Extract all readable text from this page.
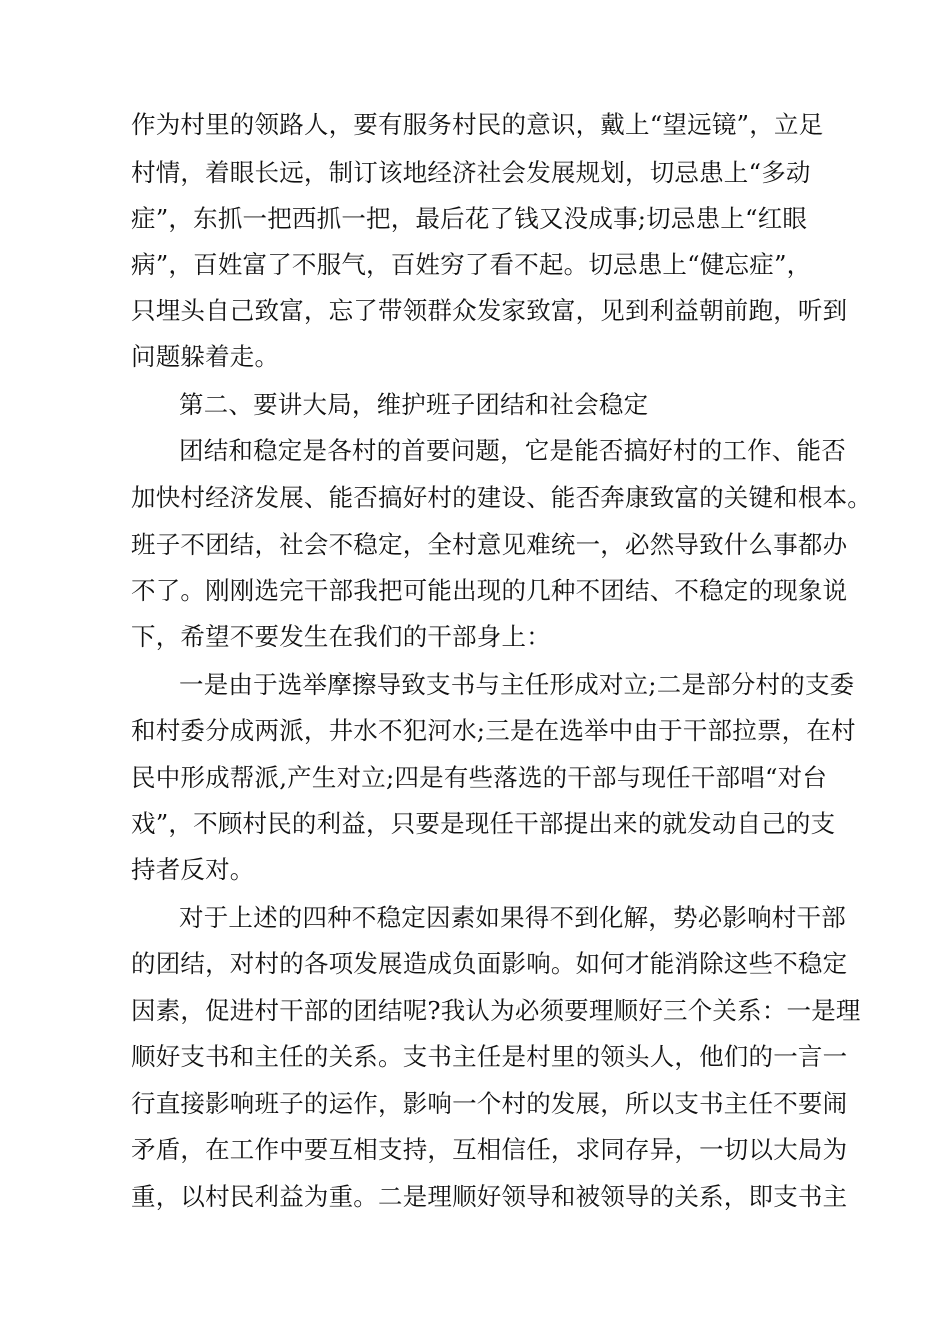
作为村里的领路人，要有服务村民的意识，戴上“望远镜”，立足

村情，着眼长远，制订该地经济社会发展规划，切忌患上“多动

症”，东抓一把西抓一把，最后花了钱又没成事;切忌患上“红眼

病”，百姓富了不服气，百姓穷了看不起。切忌患上“健忘症”，

只埋头自己致富，忘了带领群众发家致富，见到利益朝前跑，听到

问题躲着走。

第二、要讲大局，维护班子团结和社会稳定

团结和稳定是各村的首要问题，它是能否搞好村的工作、能否

加快村经济发展、能否搞好村的建设、能否奔康致富的关键和根本。

班子不团结，社会不稳定，全村意见难统一，必然导致什么事都办

不了。刚刚选完干部我把可能出现的几种不团结、不稳定的现象说

下，希望不要发生在我们的干部身上：

一是由于选举摩擦导致支书与主任形成对立;二是部分村的支委

和村委分成两派，井水不犯河水;三是在选举中由于干部拉票，在村

民中形成帮派,产生对立;四是有些落选的干部与现任干部唱“对台

戏”，不顾村民的利益，只要是现任干部提出来的就发动自己的支

持者反对。

对于上述的四种不稳定因素如果得不到化解，势必影响村干部

的团结，对村的各项发展造成负面影响。如何才能消除这些不稳定

因素，促进村干部的团结呢?我认为必须要理顺好三个关系：一是理

顺好支书和主任的关系。支书主任是村里的领头人，他们的一言一

行直接影响班子的运作，影响一个村的发展，所以支书主任不要闹

矛盾，在工作中要互相支持，互相信任，求同存异，一切以大局为

重，以村民利益为重。二是理顺好领导和被领导的关系，即支书主
